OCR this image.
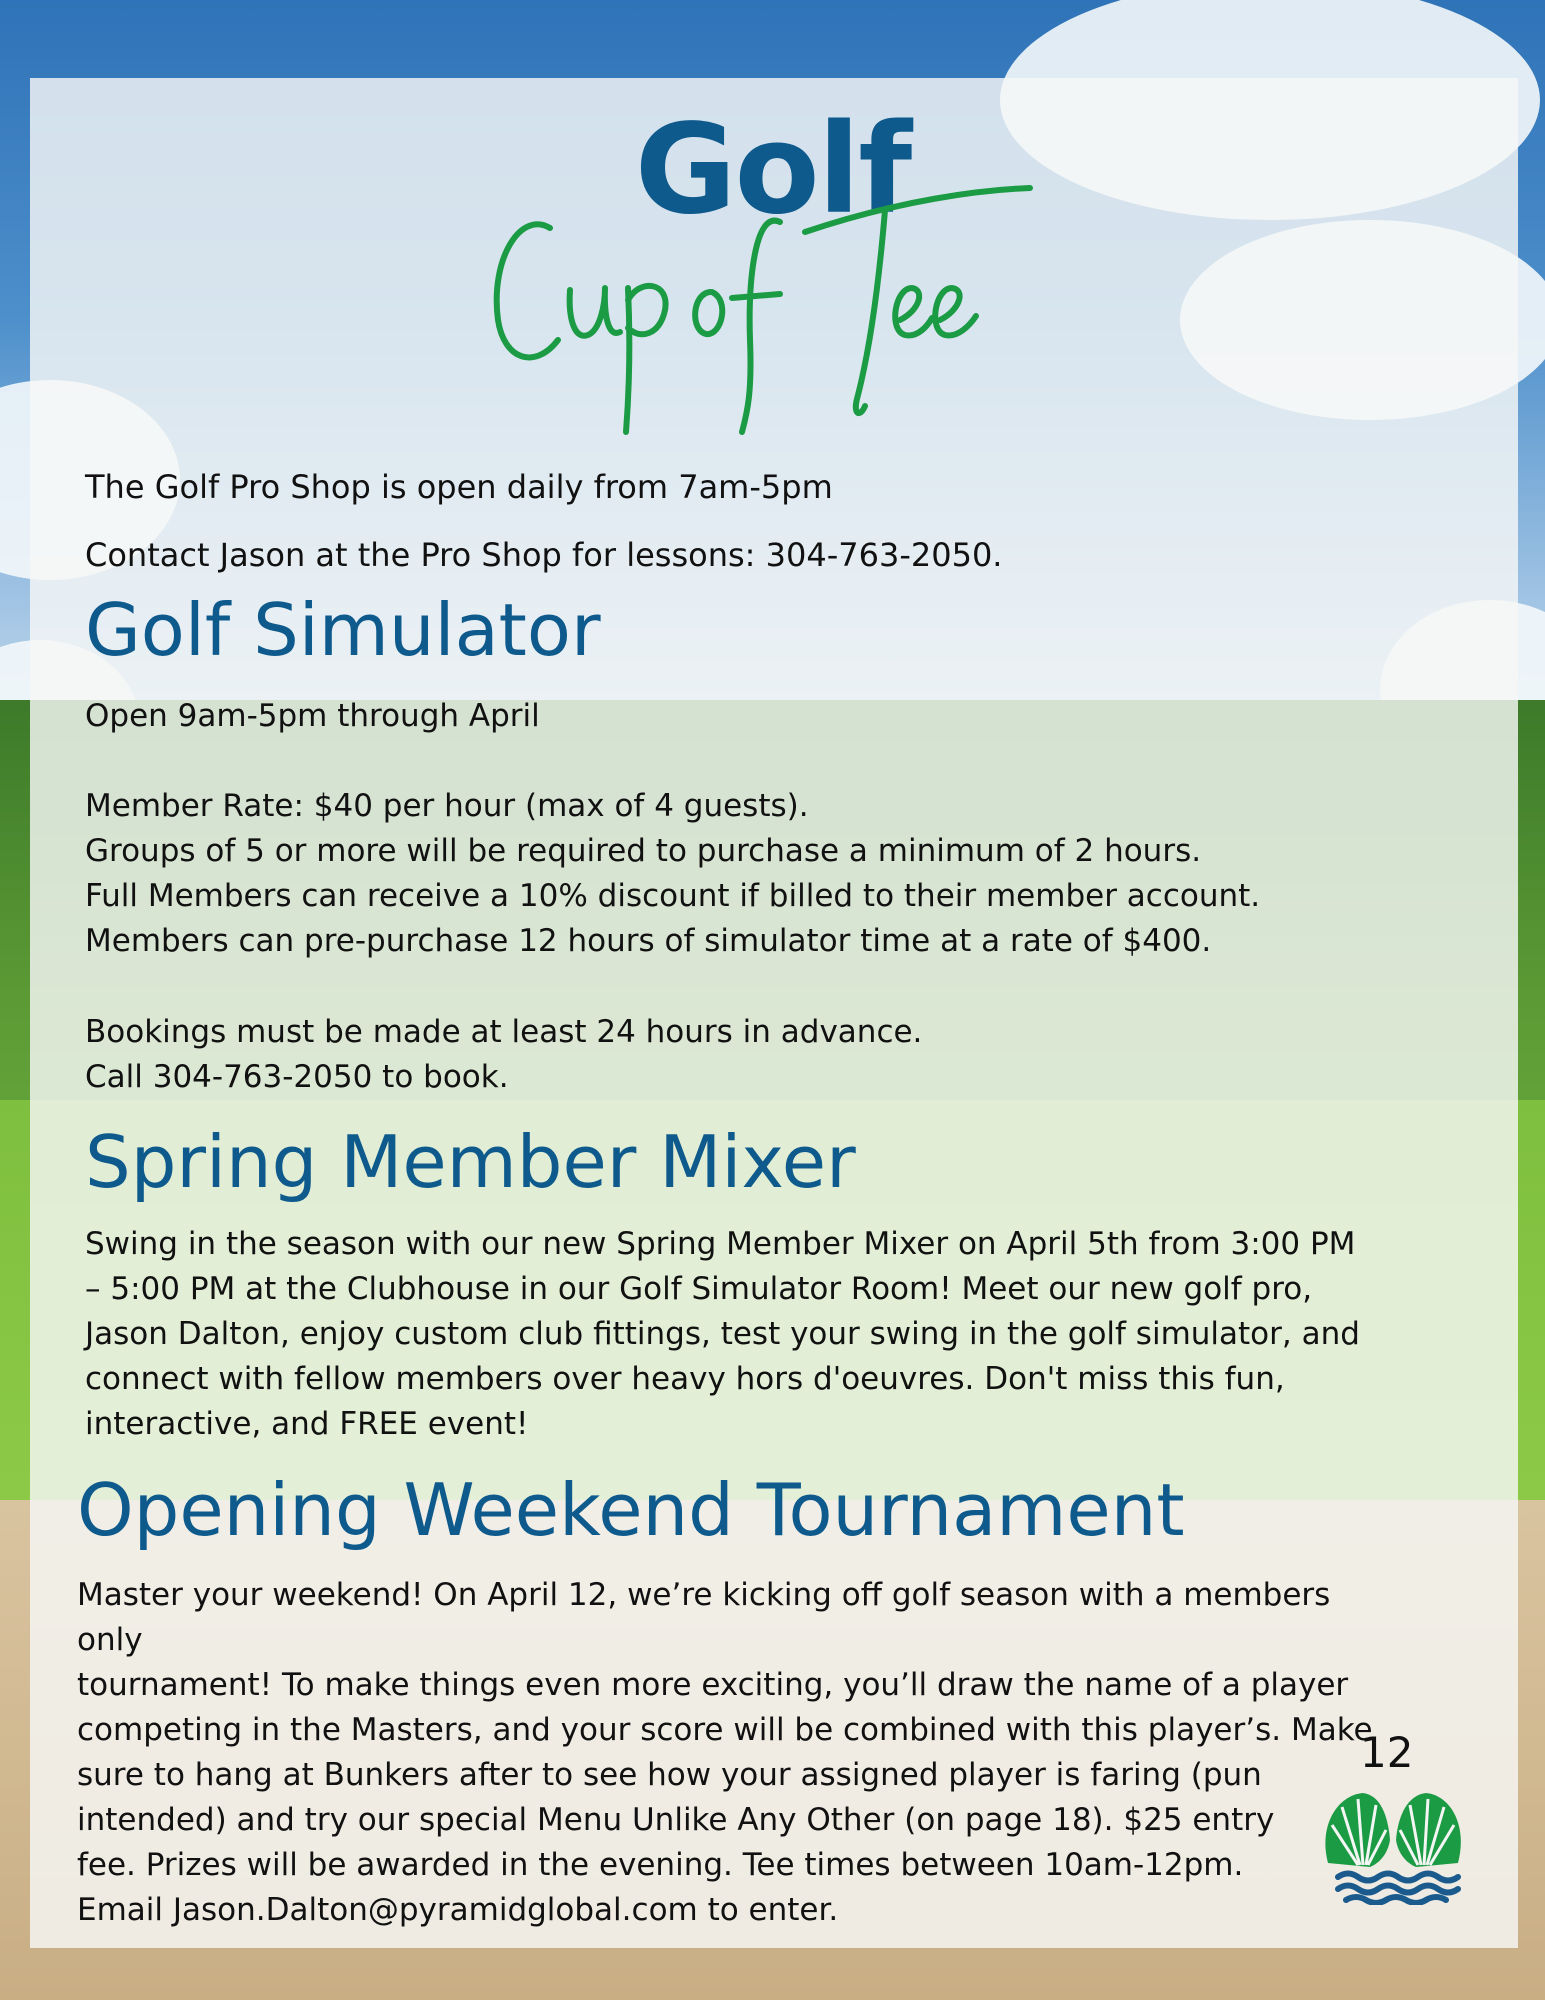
Golf
The Golf Pro Shop is open daily from 7am-5pm
Contact Jason at the Pro Shop for lessons: 304-763-2050.
Golf Simulator
Open 9am-5pm through April
Member Rate: $40 per hour (max of 4 guests).
Groups of 5 or more will be required to purchase a minimum of 2 hours.
Full Members can receive a 10% discount if billed to their member account.
Members can pre-purchase 12 hours of simulator time at a rate of $400.
Bookings must be made at least 24 hours in advance.
Call 304-763-2050 to book.
Spring Member Mixer
Swing in the season with our new Spring Member Mixer on April 5th from 3:00 PM
– 5:00 PM at the Clubhouse in our Golf Simulator Room! Meet our new golf pro,
Jason Dalton, enjoy custom club fittings, test your swing in the golf simulator, and
connect with fellow members over heavy hors d'oeuvres. Don't miss this fun,
interactive, and FREE event!
Opening Weekend Tournament
Master your weekend! On April 12, we’re kicking off golf season with a members only
tournament! To make things even more exciting, you’ll draw the name of a player
competing in the Masters, and your score will be combined with this player’s. Make
sure to hang at Bunkers after to see how your assigned player is faring (pun
intended) and try our special Menu Unlike Any Other (on page 18). $25 entry
fee. Prizes will be awarded in the evening. Tee times between 10am-12pm.
Email Jason.Dalton@pyramidglobal.com to enter.
12
